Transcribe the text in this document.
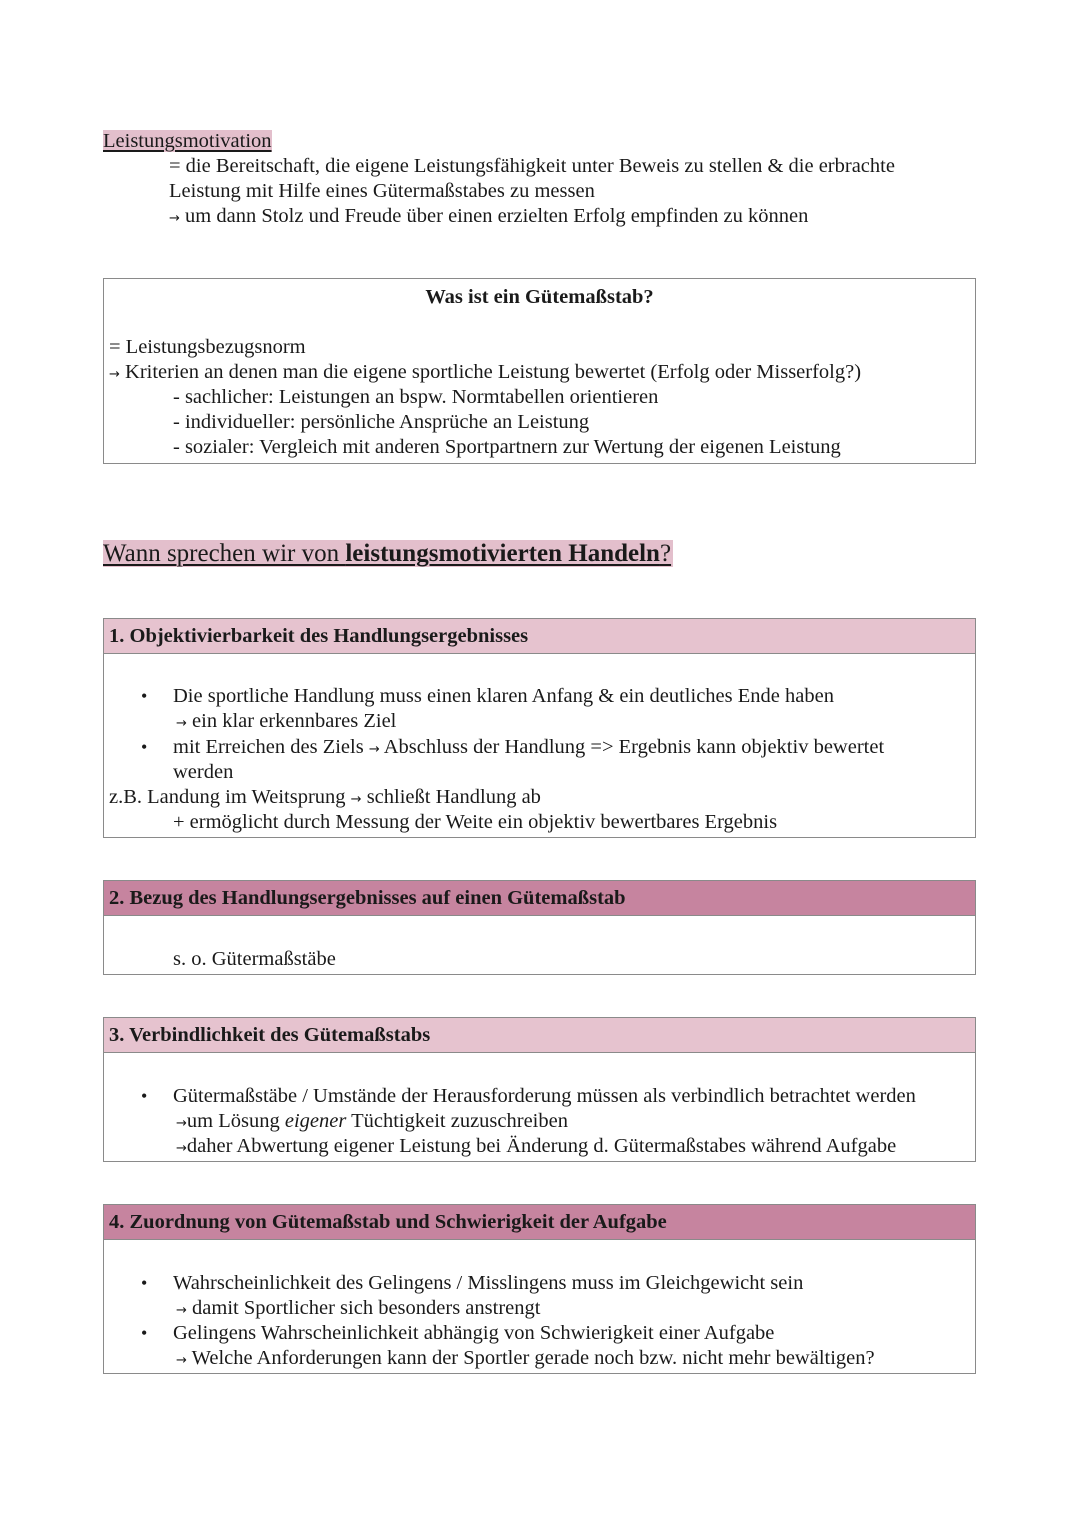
Leistungsmotivation
= die Bereitschaft, die eigene Leistungsfähigkeit unter Beweis zu stellen & die erbrachte
Leistung mit Hilfe eines Gütermaßstabes zu messen
→ um dann Stolz und Freude über einen erzielten Erfolg empfinden zu können
Was ist ein Gütemaßstab?
= Leistungsbezugsnorm
→ Kriterien an denen man die eigene sportliche Leistung bewertet (Erfolg oder Misserfolg?)
- sachlicher: Leistungen an bspw. Normtabellen orientieren
- individueller: persönliche Ansprüche an Leistung
- sozialer: Vergleich mit anderen Sportpartnern zur Wertung der eigenen Leistung
Wann sprechen wir von leistungsmotivierten Handeln?
1. Objektivierbarkeit des Handlungsergebnisses
• Die sportliche Handlung muss einen klaren Anfang & ein deutliches Ende haben
→ ein klar erkennbares Ziel
• mit Erreichen des Ziels → Abschluss der Handlung => Ergebnis kann objektiv bewertet
werden
z.B. Landung im Weitsprung → schließt Handlung ab
+ ermöglicht durch Messung der Weite ein objektiv bewertbares Ergebnis
2. Bezug des Handlungsergebnisses auf einen Gütemaßstab
s. o. Gütermaßstäbe
3. Verbindlichkeit des Gütemaßstabs
• Gütermaßstäbe / Umstände der Herausforderung müssen als verbindlich betrachtet werden
→um Lösung eigener Tüchtigkeit zuzuschreiben
→daher Abwertung eigener Leistung bei Änderung d. Gütermaßstabes während Aufgabe
4. Zuordnung von Gütemaßstab und Schwierigkeit der Aufgabe
• Wahrscheinlichkeit des Gelingens / Misslingens muss im Gleichgewicht sein
→ damit Sportlicher sich besonders anstrengt
• Gelingens Wahrscheinlichkeit abhängig von Schwierigkeit einer Aufgabe
→ Welche Anforderungen kann der Sportler gerade noch bzw. nicht mehr bewältigen?
